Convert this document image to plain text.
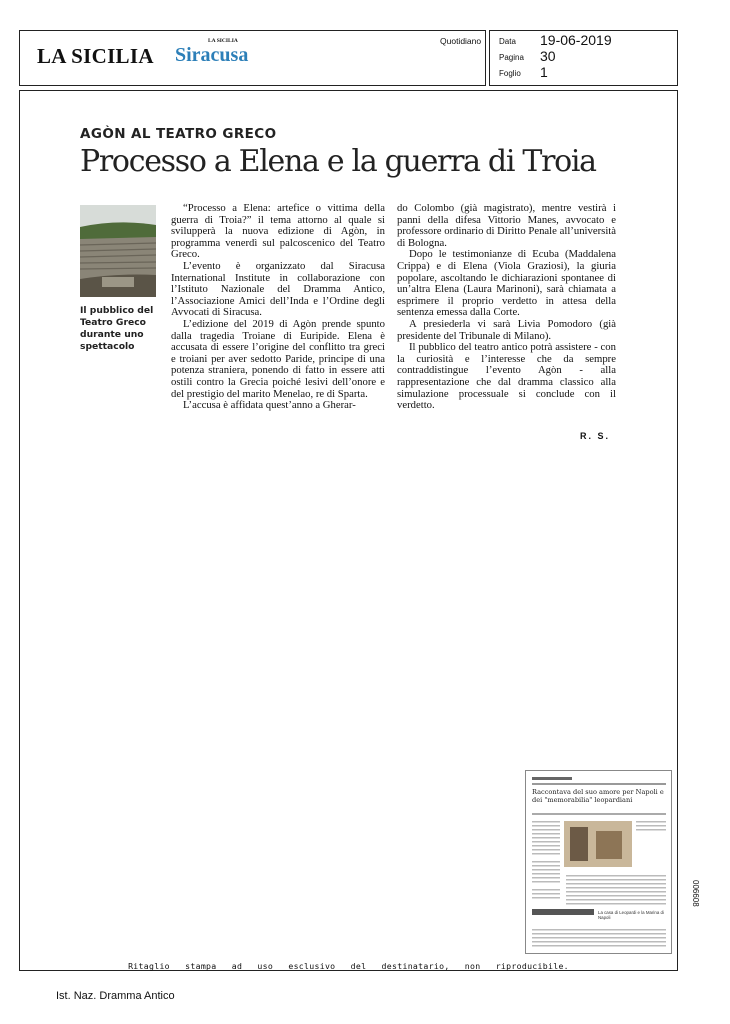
LA SICILIA
LA SICILIA
Siracusa
Quotidiano Data 19-06-2019
Pagina 30
Foglio 1
AGÒN AL TEATRO GRECO
Processo a Elena e la guerra di Troia
Il pubblico del Teatro Greco durante uno spettacolo

“Processo a Elena: artefice o vittima della guerra di Troia?” il tema attorno al quale si svilupperà la nuova edizione di Agòn, in programma venerdì sul palcoscenico del Teatro Greco.

L’evento è organizzato dal Siracusa International Institute in collaborazione con l’Istituto Nazionale del Dramma Antico, l’Associazione Amici dell’Inda e l’Ordine degli Avvocati di Siracusa.

L’edizione del 2019 di Agòn prende spunto dalla tragedia Troiane di Euripide. Elena è accusata di essere l’origine del conflitto tra greci e troiani per aver sedotto Paride, principe di una potenza straniera, ponendo di fatto in essere atti ostili contro la Grecia poiché lesivi dell’onore e del prestigio del marito Menelao, re di Sparta.

L’accusa è affidata quest’anno a Gherar-

do Colombo (già magistrato), mentre vestirà i panni della difesa Vittorio Manes, avvocato e professore ordinario di Diritto Penale all’università di Bologna.

Dopo le testimonianze di Ecuba (Maddalena Crippa) e di Elena (Viola Graziosi), la giuria popolare, ascoltando le dichiarazioni spontanee di un’altra Elena (Laura Marinoni), sarà chiamata a esprimere il proprio verdetto in attesa della sentenza emessa dalla Corte.

A presiederla vi sarà Livia Pomodoro (già presidente del Tribunale di Milano).

Il pubblico del teatro antico potrà assistere - con la curiosità e l’interesse che da sempre contraddistingue l’evento Agòn - alla rappresentazione che dal dramma classico alla simulazione processuale si conclude con il verdetto.

R. S.
Raccontava del suo amore per Napoli e dei "memorabilia" leopardiani
La casa di Leopardi e la Marina di Napoli
006608
Ritaglio stampa ad uso esclusivo del destinatario, non riproducibile.
Ist. Naz. Dramma Antico
